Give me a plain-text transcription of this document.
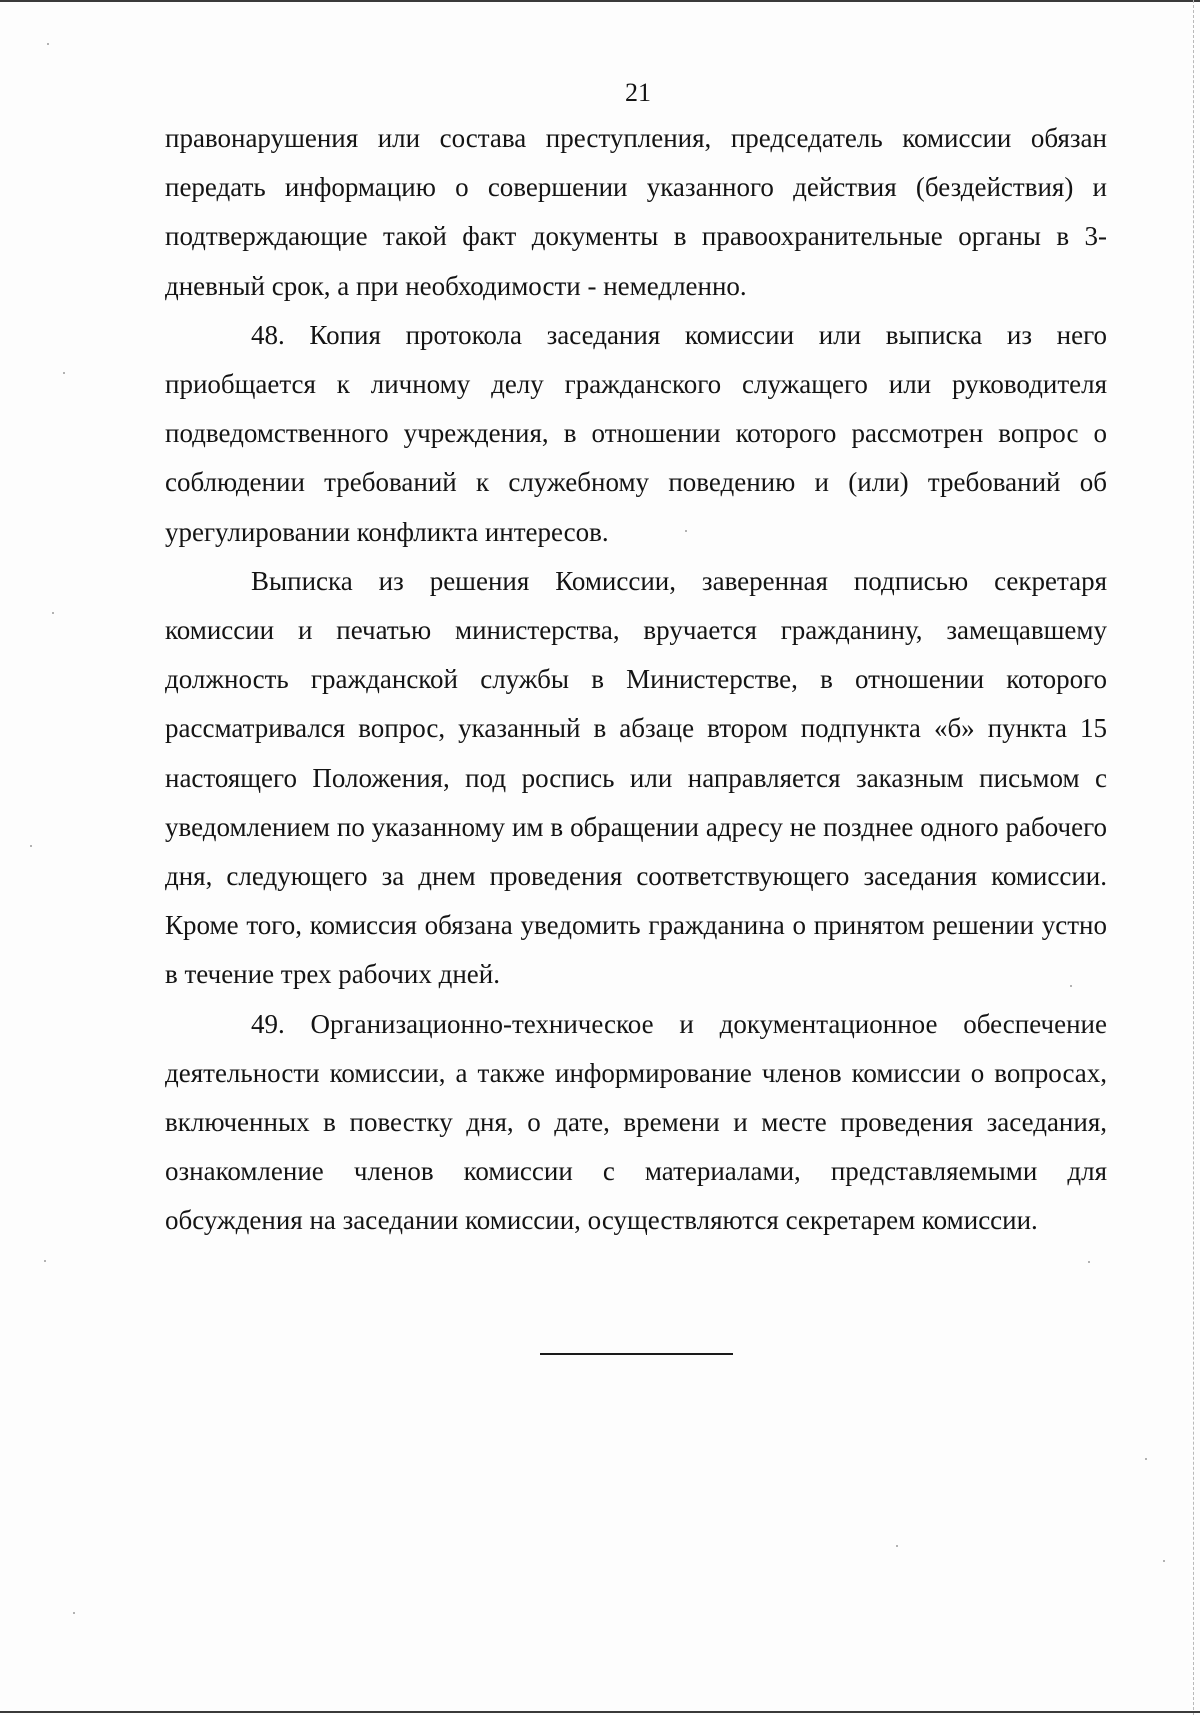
21

правонарушения или состава преступления, председатель комиссии обязан передать информацию о совершении указанного действия (бездействия) и подтверждающие такой факт документы в правоохранительные органы в 3-дневный срок, а при необходимости - немедленно.

48. Копия протокола заседания комиссии или выписка из него приобщается к личному делу гражданского служащего или руководителя подведомственного учреждения, в отношении которого рассмотрен вопрос о соблюдении требований к служебному поведению и (или) требований об урегулировании конфликта интересов.

Выписка из решения Комиссии, заверенная подписью секретаря комиссии и печатью министерства, вручается гражданину, замещавшему должность гражданской службы в Министерстве, в отношении которого рассматривался вопрос, указанный в абзаце втором подпункта «б» пункта 15 настоящего Положения, под роспись или направляется заказным письмом с уведомлением по указанному им в обращении адресу не позднее одного рабочего дня, следующего за днем проведения соответствующего заседания комиссии. Кроме того, комиссия обязана уведомить гражданина о принятом решении устно в течение трех рабочих дней.

49. Организационно-техническое и документационное обеспечение деятельности комиссии, а также информирование членов комиссии о вопросах, включенных в повестку дня, о дате, времени и месте проведения заседания, ознакомление членов комиссии с материалами, представляемыми для обсуждения на заседании комиссии, осуществляются секретарем комиссии.
